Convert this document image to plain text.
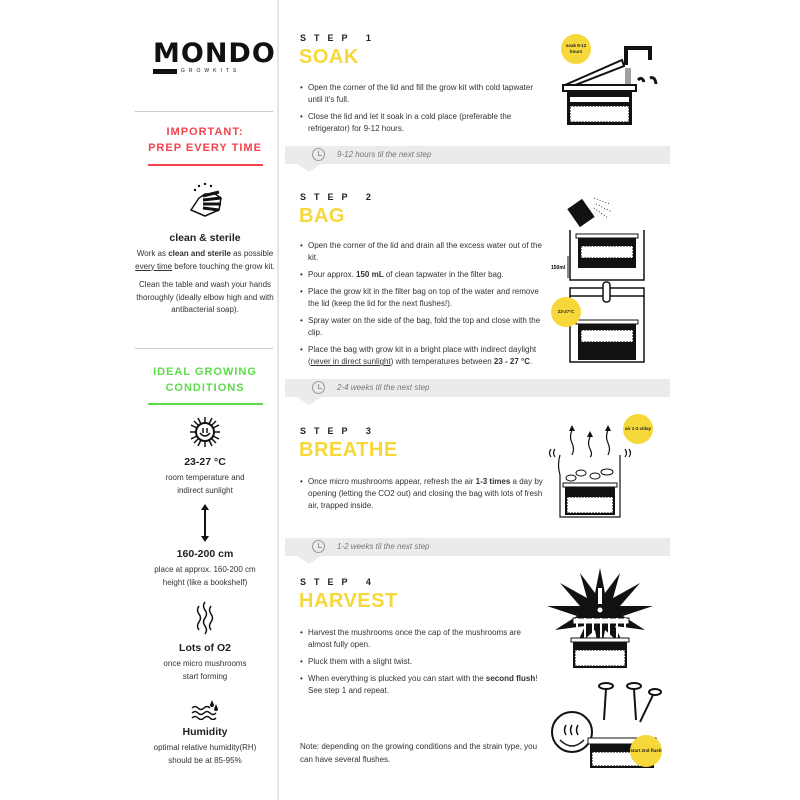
MONDO
GROWKITS
IMPORTANT:
PREP EVERY TIME
clean & sterile

Work as clean and sterile as possible every time before touching the grow kit.

Clean the table and wash your hands thoroughly (ideally elbow high and with antibacterial soap).

IDEAL GROWING
CONDITIONS
23-27 °C

room temperature and indirect sunlight

160-200 cm

place at approx. 160-200 cm height (like a bookshelf)

Lots of O2

once micro mushrooms start forming

Humidity

optimal relative humidity(RH) should be at 85-95%

STEP 1
SOAK
• Open the corner of the lid and fill the grow kit with cold tapwater until it's full.
• Close the lid and let it soak in a cold place (preferable the refrigerator) for 9-12 hours.
soak 9-12 hours
9-12 hours til the next step
STEP 2
BAG
• Open the corner of the lid and drain all the excess water out of the kit.
• Pour approx. 150 mL of clean tapwater in the filter bag.
• Place the grow kit in the filter bag on top of the water and remove the lid (keep the lid for the next flushes!).
• Spray water on the side of the bag, fold the top and close with the clip.
• Place the bag with grow kit in a bright place with indirect daylight (never in direct sunlight) with temperatures between 23 - 27 °C.
150ml
23-27°C
2-4 weeks til the next step
STEP 3
BREATHE
• Once micro mushrooms appear, refresh the air 1-3 times a day by opening (letting the CO2 out) and closing the bag with lots of fresh air, trapped inside.
air 1-3 x/day
1-2 weeks til the next step
STEP 4
HARVEST
• Harvest the mushrooms once the cap of the mushrooms are almost fully open.
• Pluck them with a slight twist.
• When everything is plucked you can start with the second flush! See step 1 and repeat.
Note: depending on the growing conditions and the strain type, you can have several flushes.
start 2nd flush
